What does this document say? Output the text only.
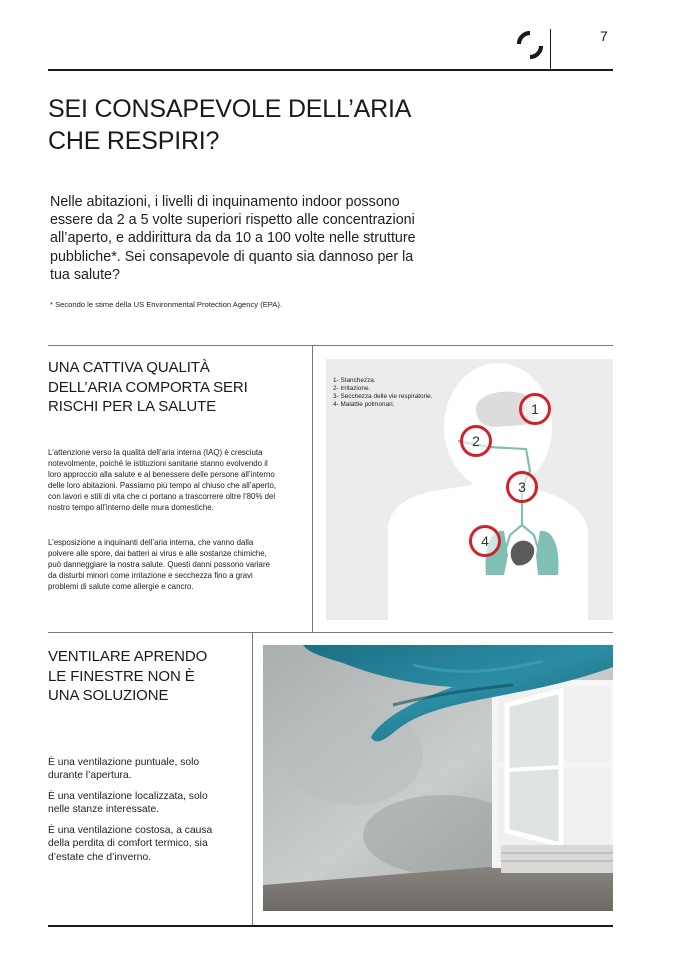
7
SEI CONSAPEVOLE DELL’ARIA
CHE RESPIRI?

Nelle abitazioni, i livelli di inquinamento indoor possono essere da 2 a 5 volte superiori rispetto alle concentrazioni all’aperto, e addirittura da da 10 a 100 volte nelle strutture pubbliche*. Sei consapevole di quanto sia dannoso per la tua salute?

* Secondo le stime della US Environmental Protection Agency (EPA).

UNA CATTIVA QUALITÀ
DELL’ARIA COMPORTA SERI
RISCHI PER LA SALUTE

L’attenzione verso la qualità dell’aria interna (IAQ) è cresciuta notevolmente, poiché le istituzioni sanitarie stanno evolvendo il loro approccio alla salute e al benessere delle persone all’interno delle loro abitazioni. Passiamo più tempo al chiuso che all’aperto, con lavori e stili di vita che ci portano a trascorrere oltre l’80% del nostro tempo all’interno delle mura domestiche.

L’esposizione a inquinanti dell’aria interna, che vanno dalla polvere alle spore, dai batteri ai virus e alle sostanze chimiche, può danneggiare la nostra salute. Questi danni possono variare da disturbi minori come irritazione e secchezza fino a gravi problemi di salute come allergie e cancro.

1- Stanchezza.
2- Irritazione.
3- Secchezza delle vie respiratorie.
4- Malattie polmonari.	1
2
3
4
VENTILARE APRENDO
LE FINESTRE NON È
UNA SOLUZIONE

È una ventilazione puntuale, solo durante l’apertura.

È una ventilazione localizzata, solo nelle stanze interessate.

È una ventilazione costosa, a causa della perdita di comfort termico, sia d’estate che d’inverno.
